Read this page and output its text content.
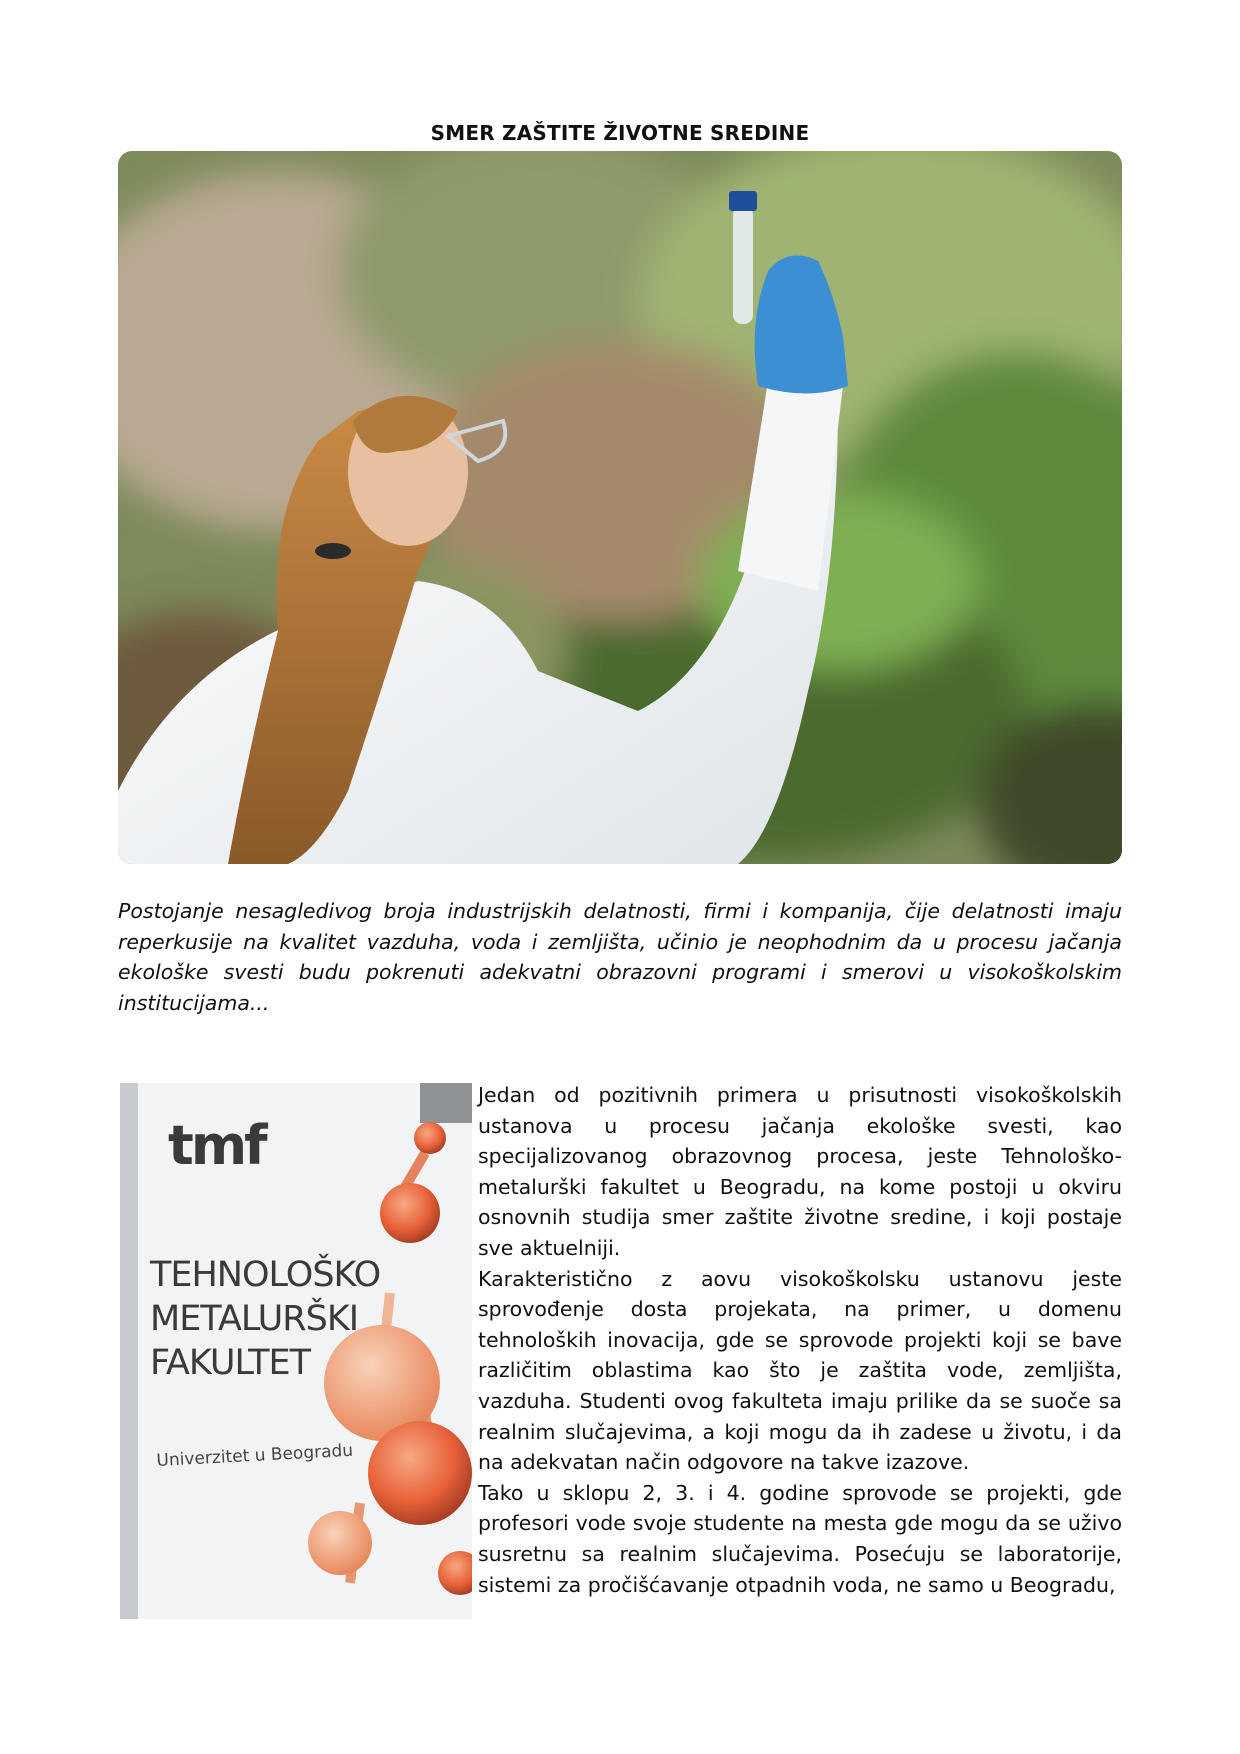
SMER ZAŠTITE ŽIVOTNE SREDINE
Postojanje nesagledivog broja industrijskih delatnosti, firmi i kompanija, čije delatnosti imaju reperkusije na kvalitet vazduha, voda i zemljišta, učinio je neophodnim da u procesu jačanja ekološke svesti budu pokrenuti adekvatni obrazovni programi i smerovi u visokoškolskim institucijama...
tmf
TEHNOLOŠKO
METALURŠKI
FAKULTET
Univerzitet u Beogradu

Jedan od pozitivnih primera u prisutnosti visokoškolskih ustanova u procesu jačanja ekološke svesti, kao specijalizovanog obrazovnog procesa, jeste Tehnološko-metalurški fakultet u Beogradu, na kome postoji u okviru osnovnih studija smer zaštite životne sredine, i koji postaje sve aktuelniji.

Karakteristično z aovu visokoškolsku ustanovu jeste sprovođenje dosta projekata, na primer, u domenu tehnoloških inovacija, gde se sprovode projekti koji se bave različitim oblastima kao što je zaštita vode, zemljišta, vazduha. Studenti ovog fakulteta imaju prilike da se suoče sa realnim slučajevima, a koji mogu da ih zadese u životu, i da na adekvatan način odgovore na takve izazove.

Tako u sklopu 2, 3. i 4. godine sprovode se projekti, gde profesori vode svoje studente na mesta gde mogu da se uživo susretnu sa realnim slučajevima. Posećuju se laboratorije, sistemi za pročišćavanje otpadnih voda, ne samo u Beogradu,
